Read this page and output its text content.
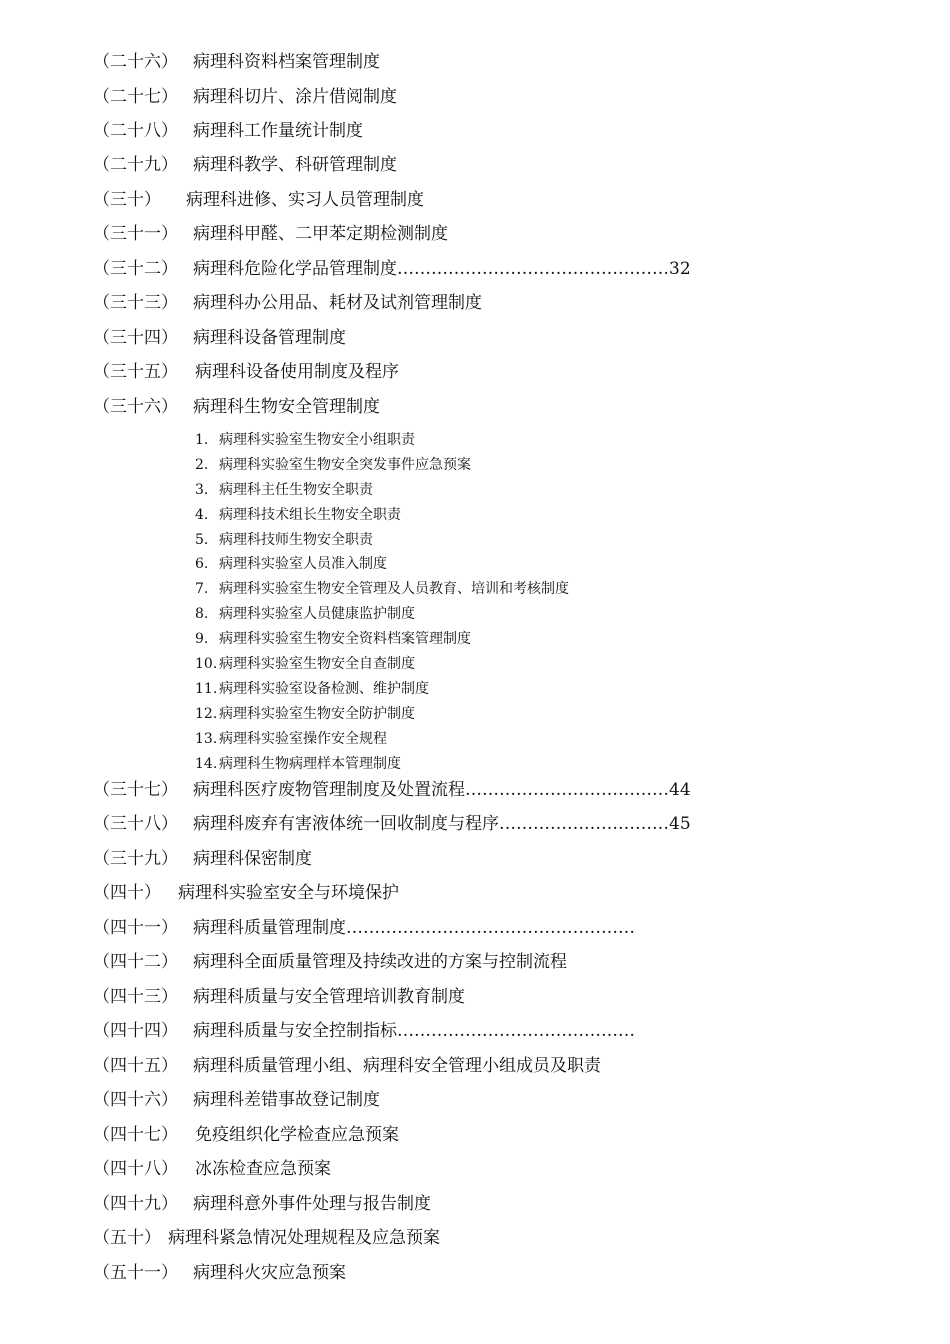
（二十六） 病理科资料档案管理制度
（二十七） 病理科切片、涂片借阅制度
（二十八） 病理科工作量统计制度
（二十九） 病理科教学、科研管理制度
（三十） 病理科进修、实习人员管理制度
（三十一） 病理科甲醛、二甲苯定期检测制度
（三十二） 病理科危险化学品管理制度…………………………………………32
（三十三） 病理科办公用品、耗材及试剂管理制度
（三十四） 病理科设备管理制度
（三十五） 病理科设备使用制度及程序
（三十六） 病理科生物安全管理制度
1. 病理科实验室生物安全小组职责
2. 病理科实验室生物安全突发事件应急预案
3. 病理科主任生物安全职责
4. 病理科技术组长生物安全职责
5. 病理科技师生物安全职责
6. 病理科实验室人员准入制度
7. 病理科实验室生物安全管理及人员教育、培训和考核制度
8. 病理科实验室人员健康监护制度
9. 病理科实验室生物安全资料档案管理制度
10. 病理科实验室生物安全自查制度
11. 病理科实验室设备检测、维护制度
12. 病理科实验室生物安全防护制度
13. 病理科实验室操作安全规程
14. 病理科生物病理样本管理制度
（三十七） 病理科医疗废物管理制度及处置流程………………………………44
（三十八） 病理科废弃有害液体统一回收制度与程序…………………………45
（三十九） 病理科保密制度
（四十） 病理科实验室安全与环境保护
（四十一） 病理科质量管理制度……………………………………………
（四十二） 病理科全面质量管理及持续改进的方案与控制流程
（四十三） 病理科质量与安全管理培训教育制度
（四十四） 病理科质量与安全控制指标……………………………………
（四十五） 病理科质量管理小组、病理科安全管理小组成员及职责
（四十六） 病理科差错事故登记制度
（四十七） 免疫组织化学检查应急预案
（四十八） 冰冻检查应急预案
（四十九） 病理科意外事件处理与报告制度
（五十） 病理科紧急情况处理规程及应急预案
（五十一） 病理科火灾应急预案
